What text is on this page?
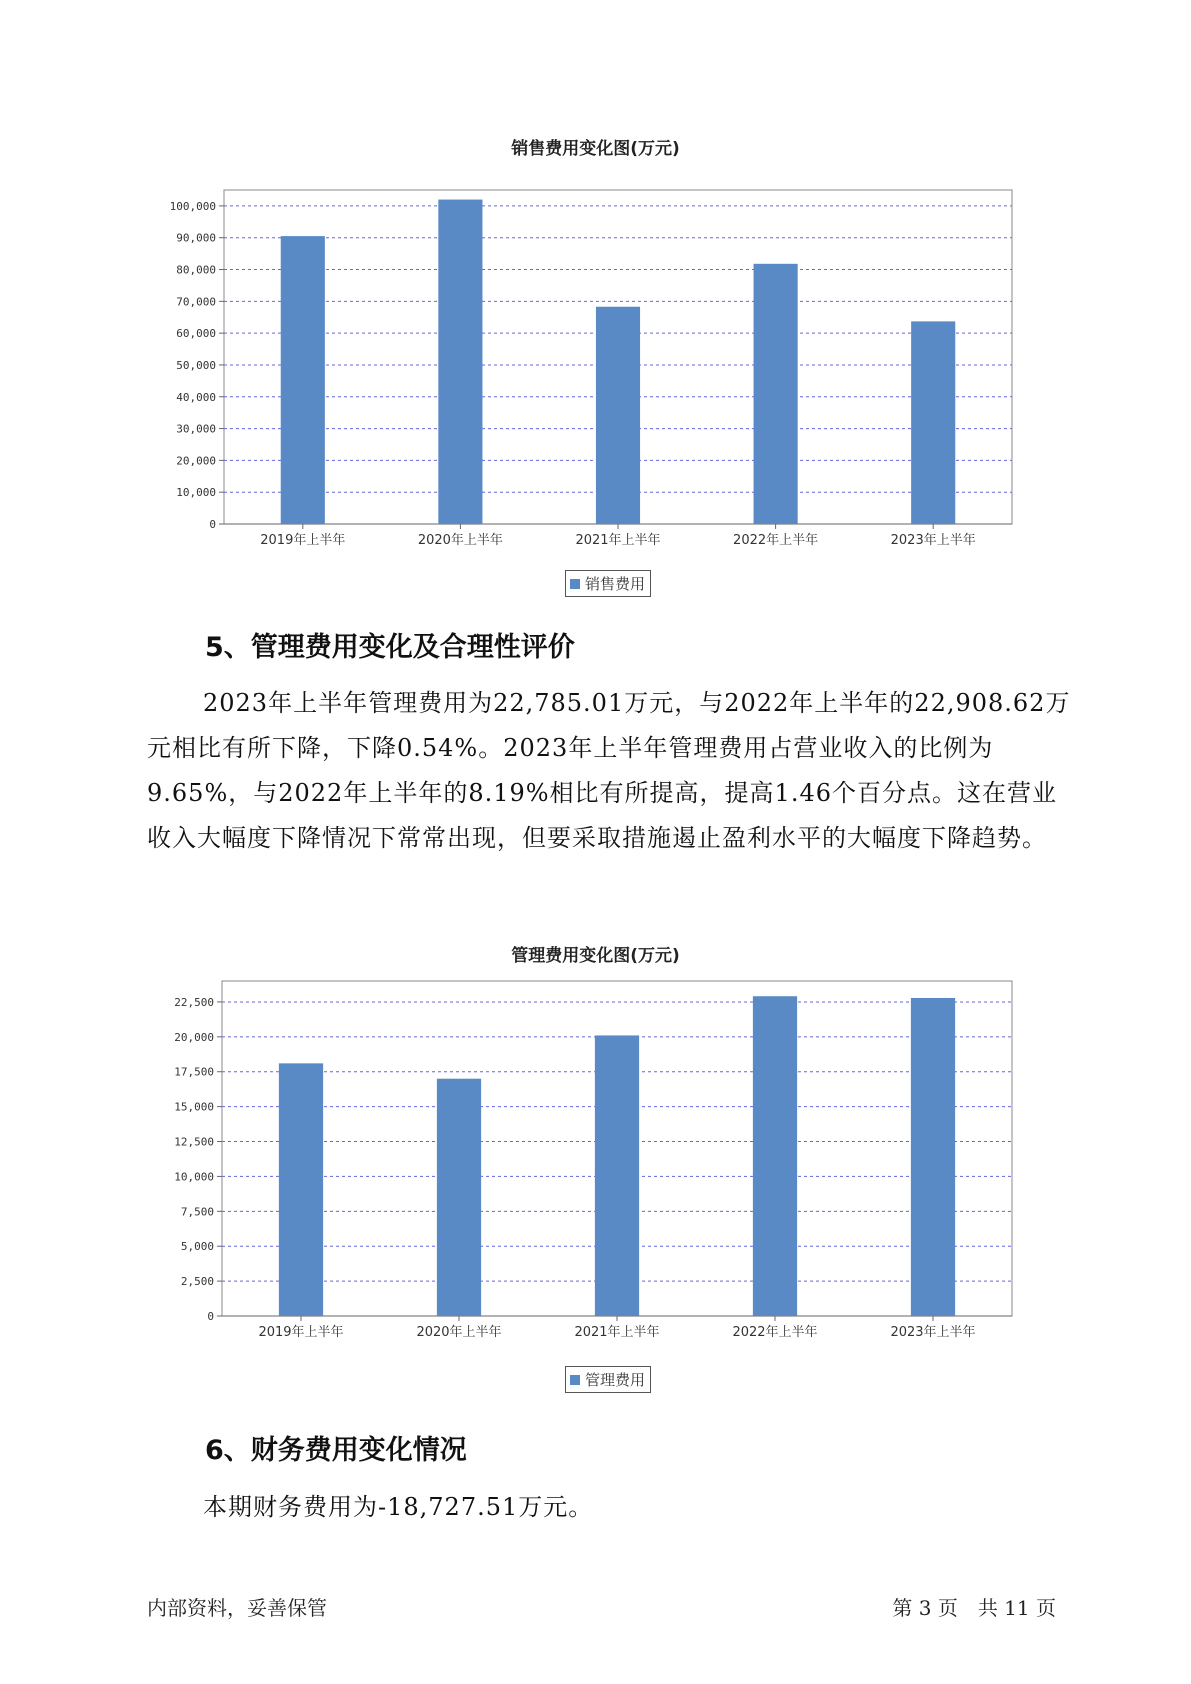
销售费用变化图(万元)
0
10,000
20,000
30,000
40,000
50,000
60,000
70,000
80,000
90,000
100,000
2019年上半年	2020年上半年	2021年上半年	2022年上半年	2023年上半年
销售费用
5、管理费用变化及合理性评价

2023年上半年管理费用为22,785.01万元，与2022年上半年的22,908.62万元相比有所下降，下降0.54%。2023年上半年管理费用占营业收入的比例为9.65%，与2022年上半年的8.19%相比有所提高，提高1.46个百分点。这在营业收入大幅度下降情况下常常出现，但要采取措施遏止盈利水平的大幅度下降趋势。

管理费用变化图(万元)
0
2,500
5,000
7,500
10,000
12,500
15,000
17,500
20,000
22,500
2019年上半年	2020年上半年	2021年上半年	2022年上半年	2023年上半年
管理费用
6、财务费用变化情况

本期财务费用为-18,727.51万元。

内部资料，妥善保管	第 3 页　共 11 页
